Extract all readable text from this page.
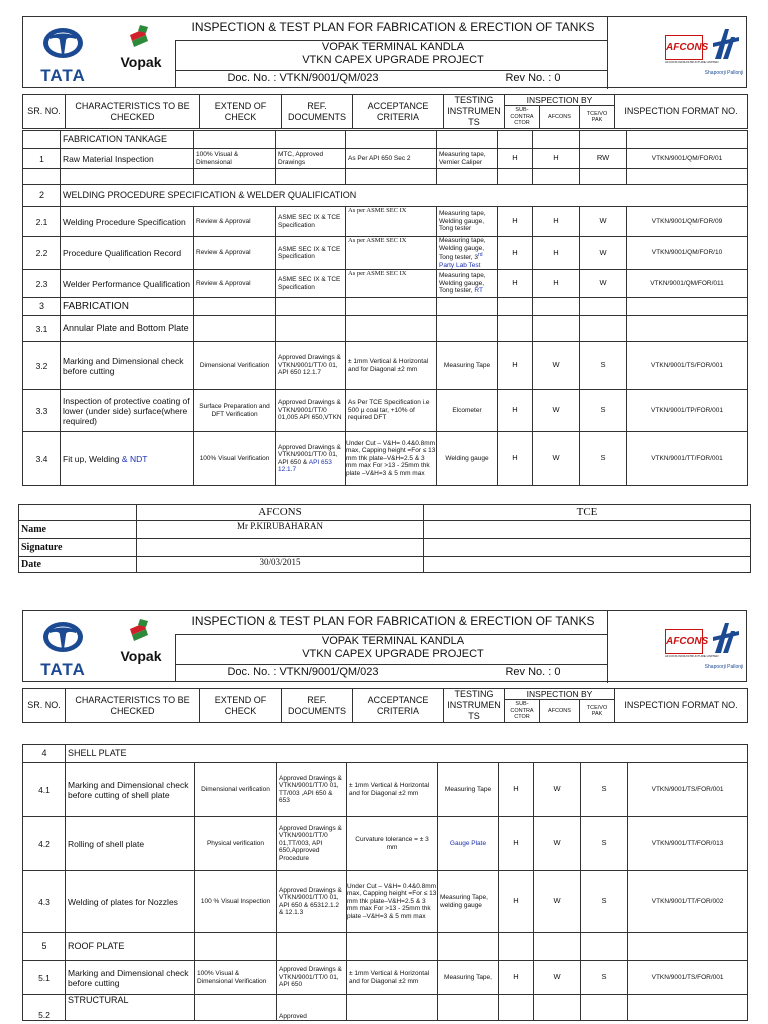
TATA
Vopak
INSPECTION & TEST PLAN FOR FABRICATION & ERECTION OF TANKS
VOPAK TERMINAL KANDLA
VTKN CAPEX UPGRADE PROJECT
Doc. No. : VTKN/9001/QM/023	Rev No. : 0
AFCONS
AFCONS INFRASTRUCTURE LIMITED
Shapoorji Pallonji
SR. NO.	CHARACTERISTICS TO BE CHECKED	EXTEND OF CHECK	REF. DOCUMENTS	ACCEPTANCE CRITERIA	TESTING INSTRUMEN TS	INSPECTION BY			INSPECTION FORMAT NO.
						SUB-CONTRA CTOR	AFCONS	TCE/VO PAK	
	FABRICATION TANKAGE								
1	Raw Material Inspection	100% Visual & Dimensional	MTC, Approved Drawings	As Per API 650 Sec 2	Measuring tape, Vernier Caliper	H	H	RW	VTKN/9001/QM/FOR/01

2	WELDING PROCEDURE SPECIFICATION & WELDER QUALIFICATION								
2.1	Welding Procedure Specification	Review & Approval	ASME SEC IX & TCE Specification	As per ASME SEC IX	Measuring tape, Welding gauge, Tong tester	H	H	W	VTKN/9001/QM/FOR/09
2.2	Procedure Qualification Record	Review & Approval	ASME SEC IX & TCE Specification	As per ASME SEC IX	Measuring tape, Welding gauge, Tong tester, 3rd Party Lab Test	H	H	W	VTKN/9001/QM/FOR/10
2.3	Welder Performance Qualification	Review & Approval	ASME SEC IX & TCE Specification	As per ASME SEC IX	Measuring tape, Welding gauge, Tong tester, RT	H	H	W	VTKN/9001/QM/FOR/011
3	FABRICATION								
3.1	Annular Plate and Bottom Plate								
3.2	Marking and Dimensional check before cutting	Dimensional Verification	Approved Drawings & VTKN/9001/TT/0 01, API 650 12.1.7	± 1mm Vertical & Horizontal and for Diagonal ±2 mm	Measuring Tape	H	W	S	VTKN/9001/TS/FOR/001
3.3	Inspection of protective coating of lower (under side) surface(where required)	Surface Preparation and DFT Verification	Approved Drawings & VTKN/9001/TT/0 01,005 API 650,VTKN	As Per TCE Specification i.e 500 µ coal tar, +10% of required DFT	Elcometer	H	W	S	VTKN/9001/TP/FOR/001
3.4	Fit up, Welding & NDT	100% Visual Verification	Approved Drawings & VTKN/9001/TT/0 01, API 650 & API 653 12.1.7	Under Cut – V&H= 0.4&0.8mm max, Capping height =For ≤ 13 mm thk plate–V&H=2.5 & 3 mm max For >13 - 25mm thk plate –V&H=3 & 5 mm max	Welding gauge	H	W	S	VTKN/9001/TT/FOR/001
	AFCONS	TCE
Name	Mr P.KIRUBAHARAN	
Signature		
Date	30/03/2015	
TATA
Vopak
INSPECTION & TEST PLAN FOR FABRICATION & ERECTION OF TANKS
VOPAK TERMINAL KANDLA
VTKN CAPEX UPGRADE PROJECT
Doc. No. : VTKN/9001/QM/023	Rev No. : 0
AFCONS
AFCONS INFRASTRUCTURE LIMITED
Shapoorji Pallonji
SR. NO.	CHARACTERISTICS TO BE CHECKED	EXTEND OF CHECK	REF. DOCUMENTS	ACCEPTANCE CRITERIA	TESTING INSTRUMEN TS	INSPECTION BY			INSPECTION FORMAT NO.
						SUB-CONTRA CTOR	AFCONS	TCE/VO PAK	
4	SHELL PLATE								
4.1	Marking and Dimensional check before cutting of shell plate	Dimensional verification	Approved Drawings & VTKN/9001/TT/0 01, TT/003 ,API 650 & 653	± 1mm Vertical & Horizontal and for Diagonal ±2 mm	Measuring Tape	H	W	S	VTKN/9001/TS/FOR/001
4.2	Rolling of shell plate	Physical verification	Approved Drawings & VTKN/9001/TT/0 01,TT/003, API 650,Approved Procedure	Curvature tolerance = ± 3 mm	Gauge Plate	H	W	S	VTKN/9001/TT/FOR/013
4.3	Welding of plates for Nozzles	100 % Visual Inspection	Approved Drawings & VTKN/9001/TT/0 01, API 650 & 65312.1.2 & 12.1.3	Under Cut – V&H= 0.4&0.8mm max, Capping height =For ≤ 13 mm thk plate–V&H=2.5 & 3 mm max For >13 - 25mm thk plate –V&H=3 & 5 mm max	Measuring Tape, welding gauge	H	W	S	VTKN/9001/TT/FOR/002
5	ROOF PLATE								
5.1	Marking and Dimensional check before cutting	100% Visual & Dimensional Verification	Approved Drawings & VTKN/9001/TT/0 01, API 650	± 1mm Vertical & Horizontal and for Diagonal ±2 mm	Measuring Tape,	H	W	S	VTKN/9001/TS/FOR/001
5.2	STRUCTURAL		Approved						
